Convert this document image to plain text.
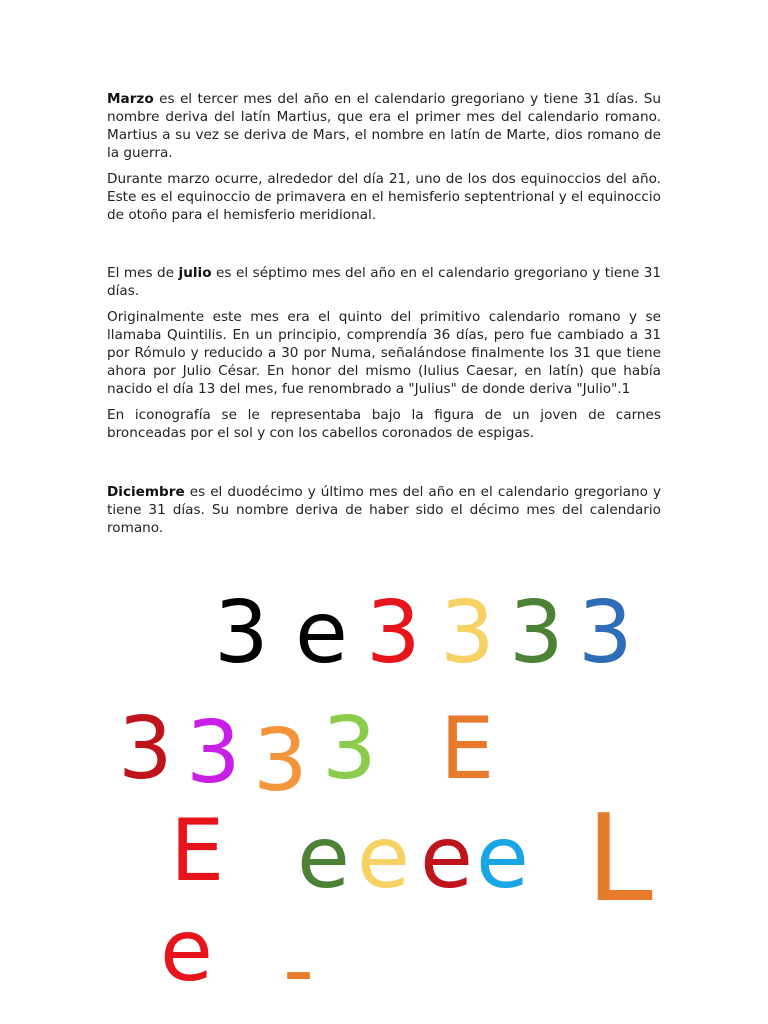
Marzo es el tercer mes del año en el calendario gregoriano y tiene 31 días. Su nombre deriva del latín Martius, que era el primer mes del calendario romano. Martius a su vez se deriva de Mars, el nombre en latín de Marte, dios romano de la guerra.

Durante marzo ocurre, alrededor del día 21, uno de los dos equinoccios del año. Este es el equinoccio de primavera en el hemisferio septentrional y el equinoccio de otoño para el hemisferio meridional.

El mes de julio es el séptimo mes del año en el calendario gregoriano y tiene 31 días.

Originalmente este mes era el quinto del primitivo calendario romano y se llamaba Quintilis. En un principio, comprendía 36 días, pero fue cambiado a 31 por Rómulo y reducido a 30 por Numa, señalándose finalmente los 31 que tiene ahora por Julio César. En honor del mismo (Iulius Caesar, en latín) que había nacido el día 13 del mes, fue renombrado a "Julius" de donde deriva "Julio".1

En iconografía se le representaba bajo la figura de un joven de carnes bronceadas por el sol y con los cabellos coronados de espigas.

Diciembre es el duodécimo y último mes del año en el calendario gregoriano y tiene 31 días. Su nombre deriva de haber sido el décimo mes del calendario romano.

3 e 3 3 3 3
3 3 3 3 E
E e e e e L
e -
